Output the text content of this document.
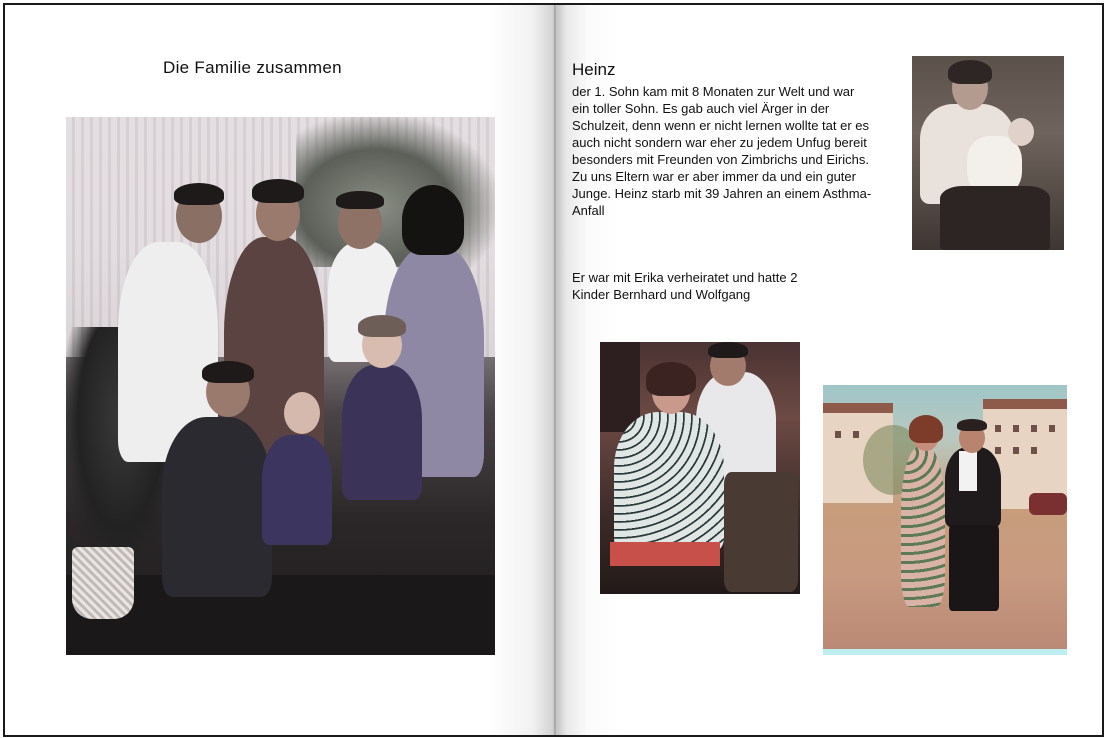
Die Familie zusammen	Heinz
der 1. Sohn kam mit 8 Monaten zur Welt und war
ein toller Sohn. Es gab auch viel Ärger in der
Schulzeit, denn wenn er nicht lernen wollte tat er es
auch nicht sondern war eher zu jedem Unfug bereit
besonders mit Freunden von Zimbrichs und Eirichs.
Zu uns Eltern war er aber immer da und ein guter
Junge. Heinz starb mit 39 Jahren an einem Asthma-
Anfall
Er war mit Erika verheiratet und hatte 2
Kinder Bernhard und Wolfgang
